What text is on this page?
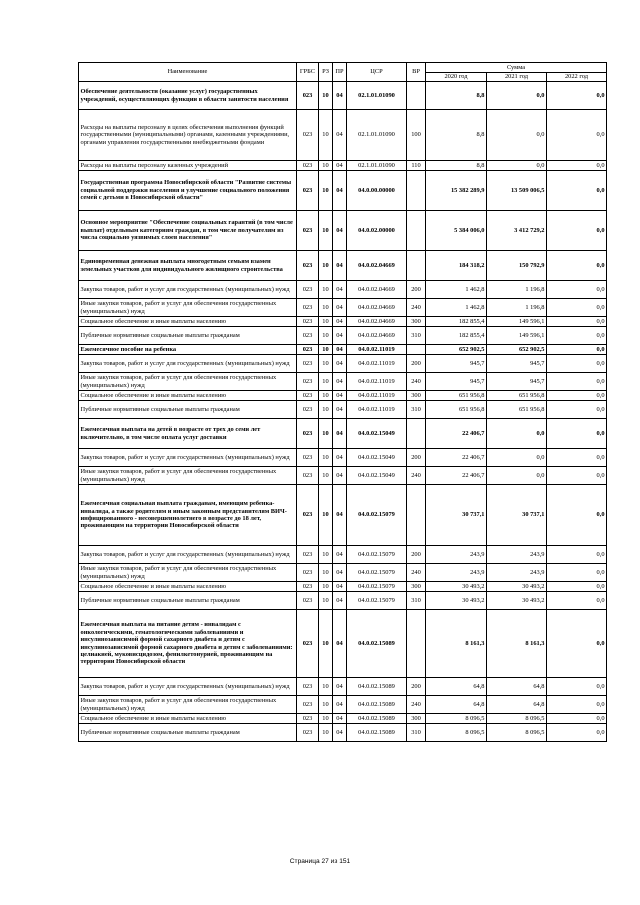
Наименование	ГРБС	РЗ	ПР	ЦСР	ВР	Сумма		
						2020 год	2021 год	2022 год
Обеспечение деятельности (оказание услуг) государственных учреждений, осуществляющих функции в области занятости населения	023	10	04	02.1.01.01090		8,8	0,0	0,0
Расходы на выплаты персоналу в целях обеспечения выполнения функций государственными (муниципальными) органами, казенными учреждениями, органами управления государственными внебюджетными фондами	023	10	04	02.1.01.01090	100	8,8	0,0	0,0
Расходы на выплаты персоналу казенных учреждений	023	10	04	02.1.01.01090	110	8,8	0,0	0,0
Государственная программа Новосибирской области "Развитие системы социальной поддержки населения и улучшение социального положения семей с детьми в Новосибирской области"	023	10	04	04.0.00.00000		15 382 289,9	13 509 006,5	0,0
Основное мероприятие "Обеспечение социальных гарантий (в том числе выплат) отдельным категориям граждан, в том числе получателям из числа социально уязвимых слоев населения"	023	10	04	04.0.02.00000		5 384 006,0	3 412 729,2	0,0
Единовременная денежная выплата многодетным семьям взамен земельных участков для индивидуального жилищного строительства	023	10	04	04.0.02.04669		184 318,2	150 792,9	0,0
Закупка товаров, работ и услуг для государственных (муниципальных) нужд	023	10	04	04.0.02.04669	200	1 462,8	1 196,8	0,0
Иные закупки товаров, работ и услуг для обеспечения государственных (муниципальных) нужд	023	10	04	04.0.02.04669	240	1 462,8	1 196,8	0,0
Социальное обеспечение и иные выплаты населению	023	10	04	04.0.02.04669	300	182 855,4	149 596,1	0,0
Публичные нормативные социальные выплаты гражданам	023	10	04	04.0.02.04669	310	182 855,4	149 596,1	0,0
Ежемесячное пособие на ребенка	023	10	04	04.0.02.11019		652 902,5	652 902,5	0,0
Закупка товаров, работ и услуг для государственных (муниципальных) нужд	023	10	04	04.0.02.11019	200	945,7	945,7	0,0
Иные закупки товаров, работ и услуг для обеспечения государственных (муниципальных) нужд	023	10	04	04.0.02.11019	240	945,7	945,7	0,0
Социальное обеспечение и иные выплаты населению	023	10	04	04.0.02.11019	300	651 956,8	651 956,8	0,0
Публичные нормативные социальные выплаты гражданам	023	10	04	04.0.02.11019	310	651 956,8	651 956,8	0,0
Ежемесячная выплата на детей в возрасте от трех до семи лет включительно, в том числе оплата услуг доставки	023	10	04	04.0.02.15049		22 406,7	0,0	0,0
Закупка товаров, работ и услуг для государственных (муниципальных) нужд	023	10	04	04.0.02.15049	200	22 406,7	0,0	0,0
Иные закупки товаров, работ и услуг для обеспечения государственных (муниципальных) нужд	023	10	04	04.0.02.15049	240	22 406,7	0,0	0,0
Ежемесячная социальная выплата гражданам, имеющим ребенка-инвалида, а также родителям и иным законным представителям ВИЧ-инфицированного - несовершеннолетнего в возрасте до 18 лет, проживающим на территории Новосибирской области	023	10	04	04.0.02.15079		30 737,1	30 737,1	0,0
Закупка товаров, работ и услуг для государственных (муниципальных) нужд	023	10	04	04.0.02.15079	200	243,9	243,9	0,0
Иные закупки товаров, работ и услуг для обеспечения государственных (муниципальных) нужд	023	10	04	04.0.02.15079	240	243,9	243,9	0,0
Социальное обеспечение и иные выплаты населению	023	10	04	04.0.02.15079	300	30 493,2	30 493,2	0,0
Публичные нормативные социальные выплаты гражданам	023	10	04	04.0.02.15079	310	30 493,2	30 493,2	0,0
Ежемесячная выплата на питание детям - инвалидам с онкологическими, гематологическими заболеваниями и инсулинозависимой формой сахарного диабета и детям с инсулинозависимой формой сахарного диабета и детям с заболеваниями: целиакией, муковисцидозом, фенилкетонурией, проживающим на территории Новосибирской области	023	10	04	04.0.02.15089		8 161,3	8 161,3	0,0
Закупка товаров, работ и услуг для государственных (муниципальных) нужд	023	10	04	04.0.02.15089	200	64,8	64,8	0,0
Иные закупки товаров, работ и услуг для обеспечения государственных (муниципальных) нужд	023	10	04	04.0.02.15089	240	64,8	64,8	0,0
Социальное обеспечение и иные выплаты населению	023	10	04	04.0.02.15089	300	8 096,5	8 096,5	0,0
Публичные нормативные социальные выплаты гражданам	023	10	04	04.0.02.15089	310	8 096,5	8 096,5	0,0
Страница 27 из 151
